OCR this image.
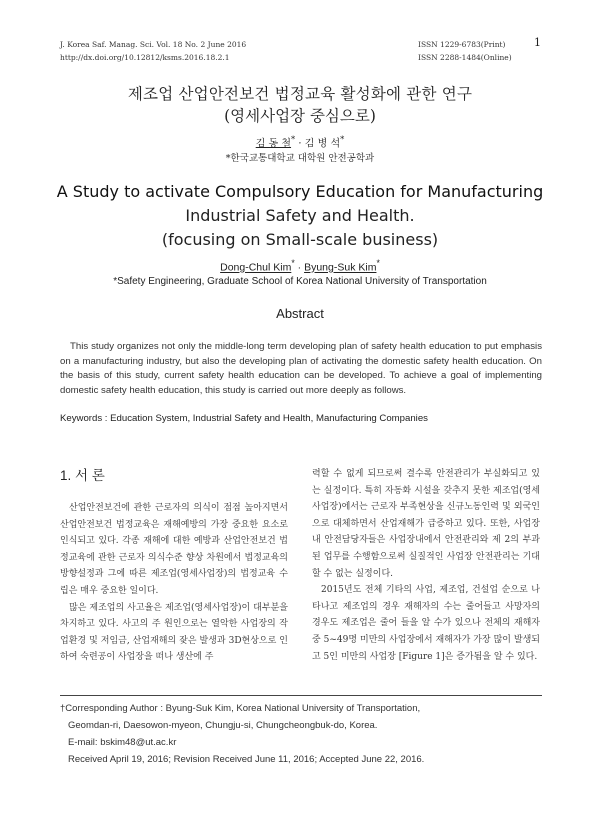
J. Korea Saf. Manag. Sci. Vol. 18 No. 2 June 2016
http://dx.doi.org/10.12812/ksms.2016.18.2.1
ISSN 1229-6783(Print)
ISSN 2288-1484(Online)
1
제조업 산업안전보건 법정교육 활성화에 관한 연구
(영세사업장 중심으로)
김 동 철* · 김 병 석*
*한국교통대학교 대학원 안전공학과
A Study to activate Compulsory Education for Manufacturing
Industrial Safety and Health.
(focusing on Small-scale business)
Dong-Chul Kim* · Byung-Suk Kim*
*Safety Engineering, Graduate School of Korea National University of Transportation
Abstract
This study organizes not only the middle-long term developing plan of safety health education to put emphasis on a manufacturing industry, but also the developing plan of activating the domestic safety health education. On the basis of this study, current safety health education can be developed. To achieve a goal of implementing domestic safety health education, this study is carried out more deeply as follows.
Keywords : Education System, Industrial Safety and Health, Manufacturing Companies
1. 서 론

산업안전보건에 관한 근로자의 의식이 점점 높아지면서 산업안전보건 법정교육은 재해예방의 가장 중요한 요소로 인식되고 있다. 각종 재해에 대한 예방과 산업안전보건 법정교육에 관한 근로자 의식수준 향상 차원에서 법정교육의 방향설정과 그에 따른 제조업(영세사업장)의 법정교육 수립은 매우 중요한 일이다.

많은 제조업의 사고율은 제조업(영세사업장)이 대부분을 차지하고 있다. 사고의 주 원인으로는 열악한 사업장의 작업환경 및 저임금, 산업재해의 잦은 발생과 3D현상으로 인하여 숙련공이 사업장을 떠나 생산에 주

력할 수 없게 되므로써 결수록 안전관리가 부실화되고 있는 실정이다. 특히 자동화 시설을 갖추지 못한 제조업(영세사업장)에서는 근로자 부족현상을 신규노동인력 및 외국인으로 대체하면서 산업재해가 급증하고 있다. 또한, 사업장내 안전담당자들은 사업장내에서 안전관리와 제 2의 부과된 업무를 수행함으로써 실질적인 사업장 안전관리는 기대할 수 없는 실정이다.

2015년도 전체 기타의 사업, 제조업, 건설업 순으로 나타나고 제조업의 경우 재해자의 수는 줄어들고 사망자의 경우도 제조업은 줄어 들을 알 수가 있으나 전체의 재해자 중 5~49명 미만의 사업장에서 재해자가 가장 많이 발생되고 5인 미만의 사업장 [Figure 1]은 증가됨을 알 수 있다.

†Corresponding Author : Byung-Suk Kim, Korea National University of Transportation,
Geomdan-ri, Daesowon-myeon, Chungju-si, Chungcheongbuk-do, Korea.
E-mail: bskim48@ut.ac.kr
Received April 19, 2016; Revision Received June 11, 2016; Accepted June 22, 2016.
